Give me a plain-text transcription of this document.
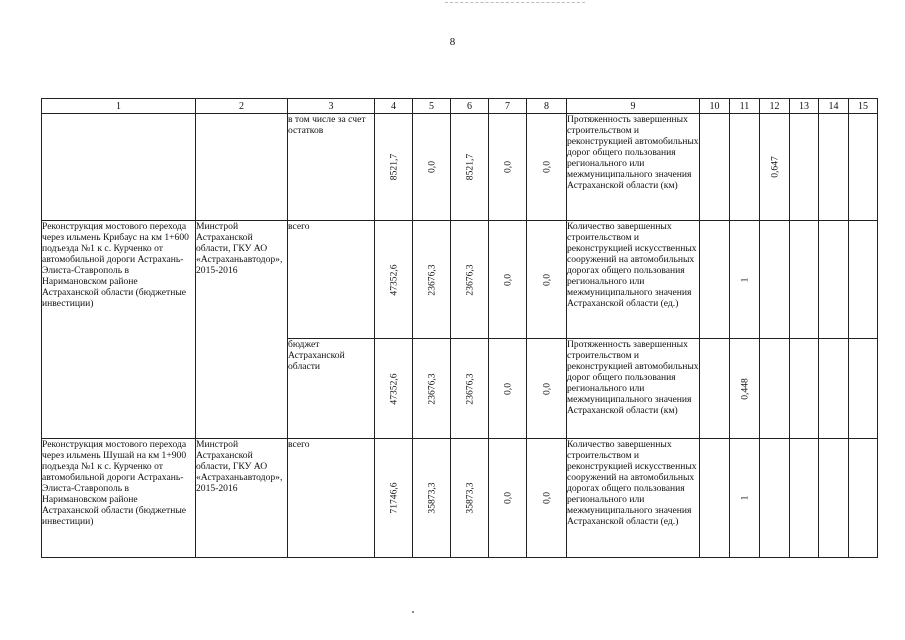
8
1	2	3	4	5	6	7	8	9	10	11	12	13	14	15
		в том числе за счет остатков	8521,7	0,0	8521,7	0,0	0,0	Протяженность завершенных строительством и реконструкцией автомобильных дорог общего пользования регионального или межмуниципального значения Астраханской области (км)			0,647			

Реконструкция мостового перехода через ильмень Крибаус на км 1+600 подъезда №1 к с. Курченко от автомобильной дороги Астрахань-Элиста-Ставрополь в Наримановском районе Астраханской области (бюджетные инвестиции)	Минстрой Астраханской области, ГКУ АО «Астраханьавтодор», 2015-2016	всего	47352,6	23676,3	23676,3	0,0	0,0	Количество завершенных строительством и реконструкцией искусственных сооружений на автомобильных дорогах общего пользования регионального или межмуниципального значения Астраханской области (ед.)		1				

		бюджет Астраханской области	47352,6	23676,3	23676,3	0,0	0,0	Протяженность завершенных строительством и реконструкцией автомобильных дорог общего пользования регионального или межмуниципального значения Астраханской области (км)		0,448				

Реконструкция мостового перехода через ильмень Шушай на км 1+900 подъезда №1 к с. Курченко от автомобильной дороги Астрахань-Элиста-Ставрополь в Наримановском районе Астраханской области (бюджетные инвестиции)	Минстрой Астраханской области, ГКУ АО «Астраханьавтодор», 2015-2016	всего	71746,6	35873,3	35873,3	0,0	0,0	Количество завершенных строительством и реконструкцией искусственных сооружений на автомобильных дорогах общего пользования регионального или межмуниципального значения Астраханской области (ед.)		1				
